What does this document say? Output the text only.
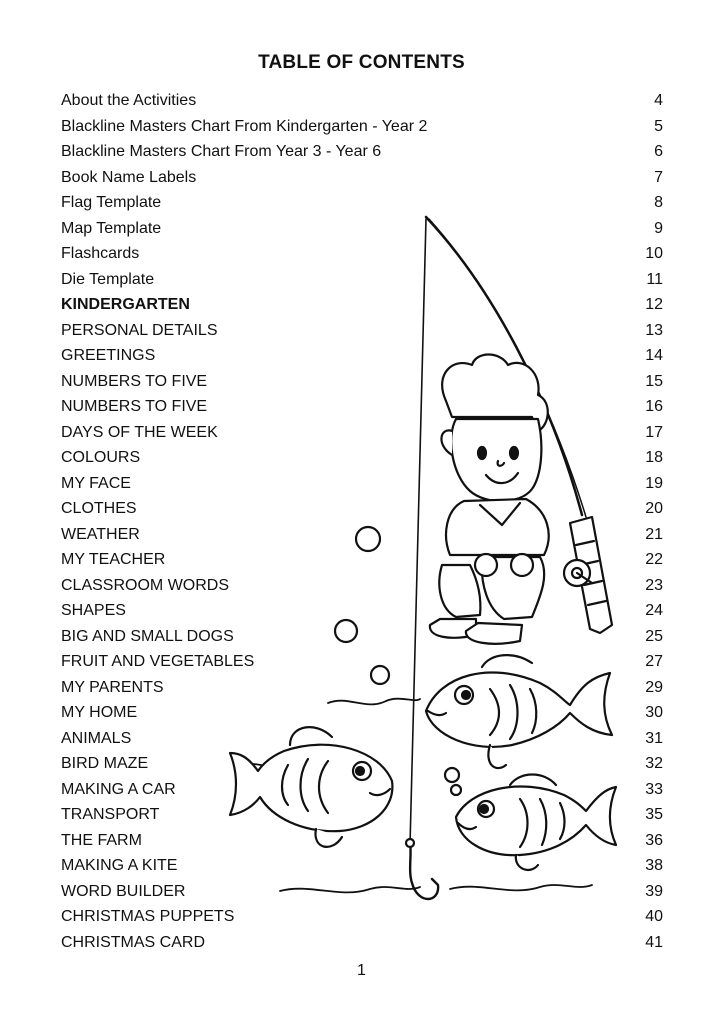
TABLE OF CONTENTS
About the Activities	4
Blackline Masters Chart From Kindergarten - Year 2	5
Blackline Masters Chart From Year 3 - Year 6	6
Book Name Labels	7
Flag Template	8
Map Template	9
Flashcards	10
Die Template	11
KINDERGARTEN	12
PERSONAL DETAILS	13
GREETINGS	14
NUMBERS TO FIVE	15
NUMBERS TO FIVE	16
DAYS OF THE WEEK	17
COLOURS	18
MY FACE	19
CLOTHES	20
WEATHER	21
MY TEACHER	22
CLASSROOM WORDS	23
SHAPES	24
BIG AND SMALL DOGS	25
FRUIT AND VEGETABLES	27
MY PARENTS	29
MY HOME	30
ANIMALS	31
BIRD MAZE	32
MAKING A CAR	33
TRANSPORT	35
THE FARM	36
MAKING A KITE	38
WORD BUILDER	39
CHRISTMAS PUPPETS	40
CHRISTMAS CARD	41
1
